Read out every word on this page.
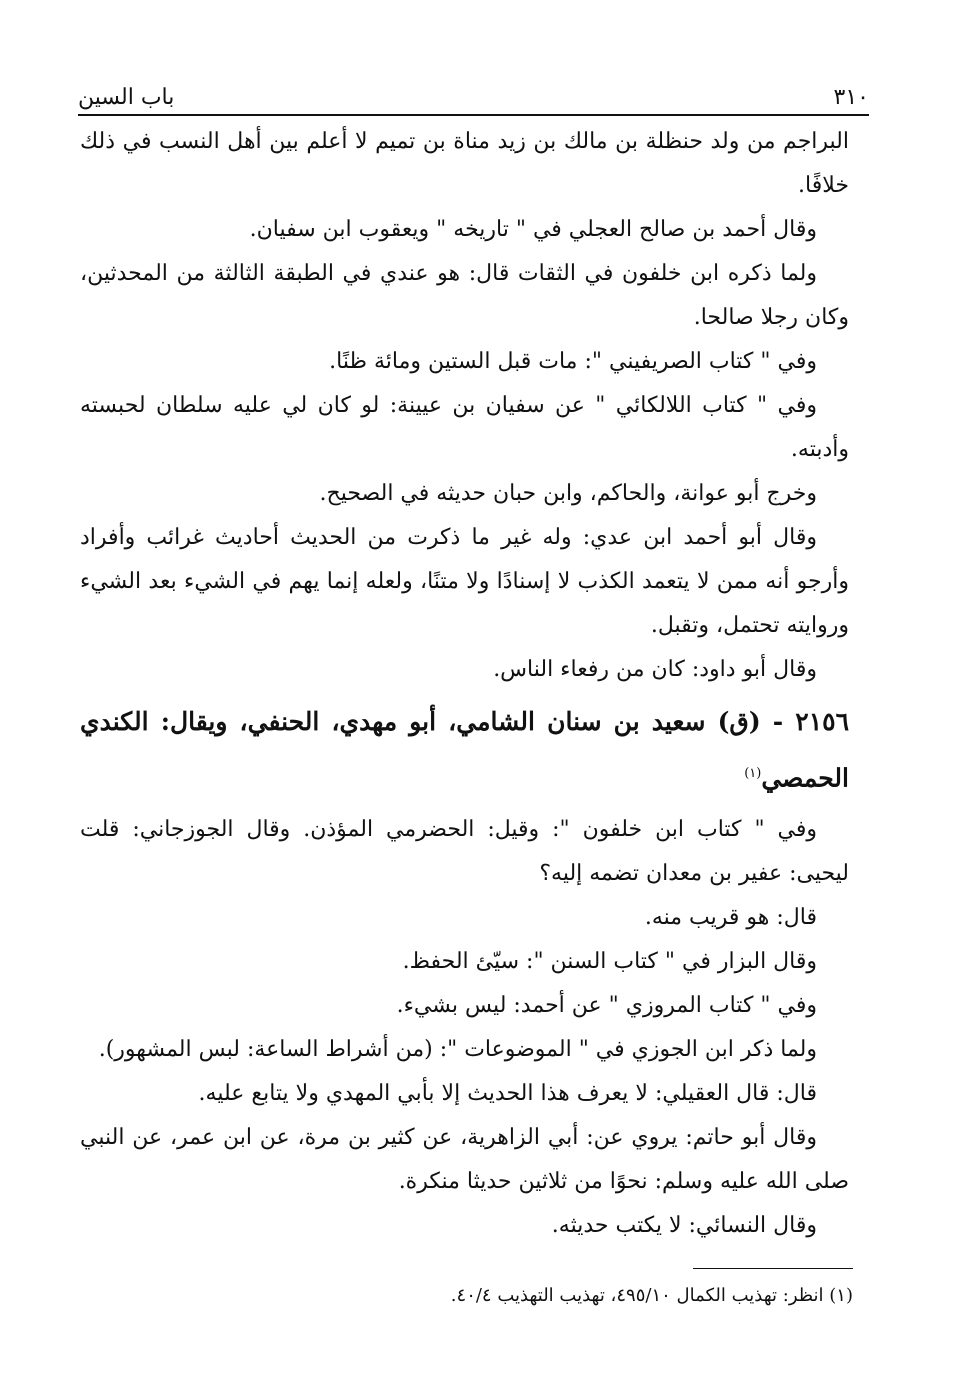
٣١٠
باب السين

البراجم من ولد حنظلة بن مالك بن زيد مناة بن تميم لا أعلم بين أهل النسب في ذلك خلافًا.

وقال أحمد بن صالح العجلي في " تاريخه " ويعقوب ابن سفيان.

ولما ذكره ابن خلفون في الثقات قال: هو عندي في الطبقة الثالثة من المحدثين، وكان رجلا صالحا.

وفي " كتاب الصريفيني ": مات قبل الستين ومائة ظنًا.

وفي " كتاب اللالكائي " عن سفيان بن عيينة: لو كان لي عليه سلطان لحبسته وأدبته.

وخرج أبو عوانة، والحاكم، وابن حبان حديثه في الصحيح.

وقال أبو أحمد ابن عدي: وله غير ما ذكرت من الحديث أحاديث غرائب وأفراد وأرجو أنه ممن لا يتعمد الكذب لا إسنادًا ولا متنًا، ولعله إنما يهم في الشيء بعد الشيء وروايته تحتمل، وتقبل.

وقال أبو داود: كان من رفعاء الناس.

٢١٥٦ - (ق) سعيد بن سنان الشامي، أبو مهدي، الحنفي، ويقال: الكندي الحمصي$^{(١)}$

وفي " كتاب ابن خلفون ": وقيل: الحضرمي المؤذن. وقال الجوزجاني: قلت ليحيى: عفير بن معدان تضمه إليه؟

قال: هو قريب منه.

وقال البزار في " كتاب السنن ": سيّئ الحفظ.

وفي " كتاب المروزي " عن أحمد: ليس بشيء.

ولما ذكر ابن الجوزي في " الموضوعات ": (من أشراط الساعة: لبس المشهور).

قال: قال العقيلي: لا يعرف هذا الحديث إلا بأبي المهدي ولا يتابع عليه.

وقال أبو حاتم: يروي عن: أبي الزاهرية، عن كثير بن مرة، عن ابن عمر، عن النبي صلى الله عليه وسلم: نحوًا من ثلاثين حديثا منكرة.

وقال النسائي: لا يكتب حديثه.

(١) انظر: تهذيب الكمال ٤٩٥/١٠، تهذيب التهذيب ٤٠/٤.
